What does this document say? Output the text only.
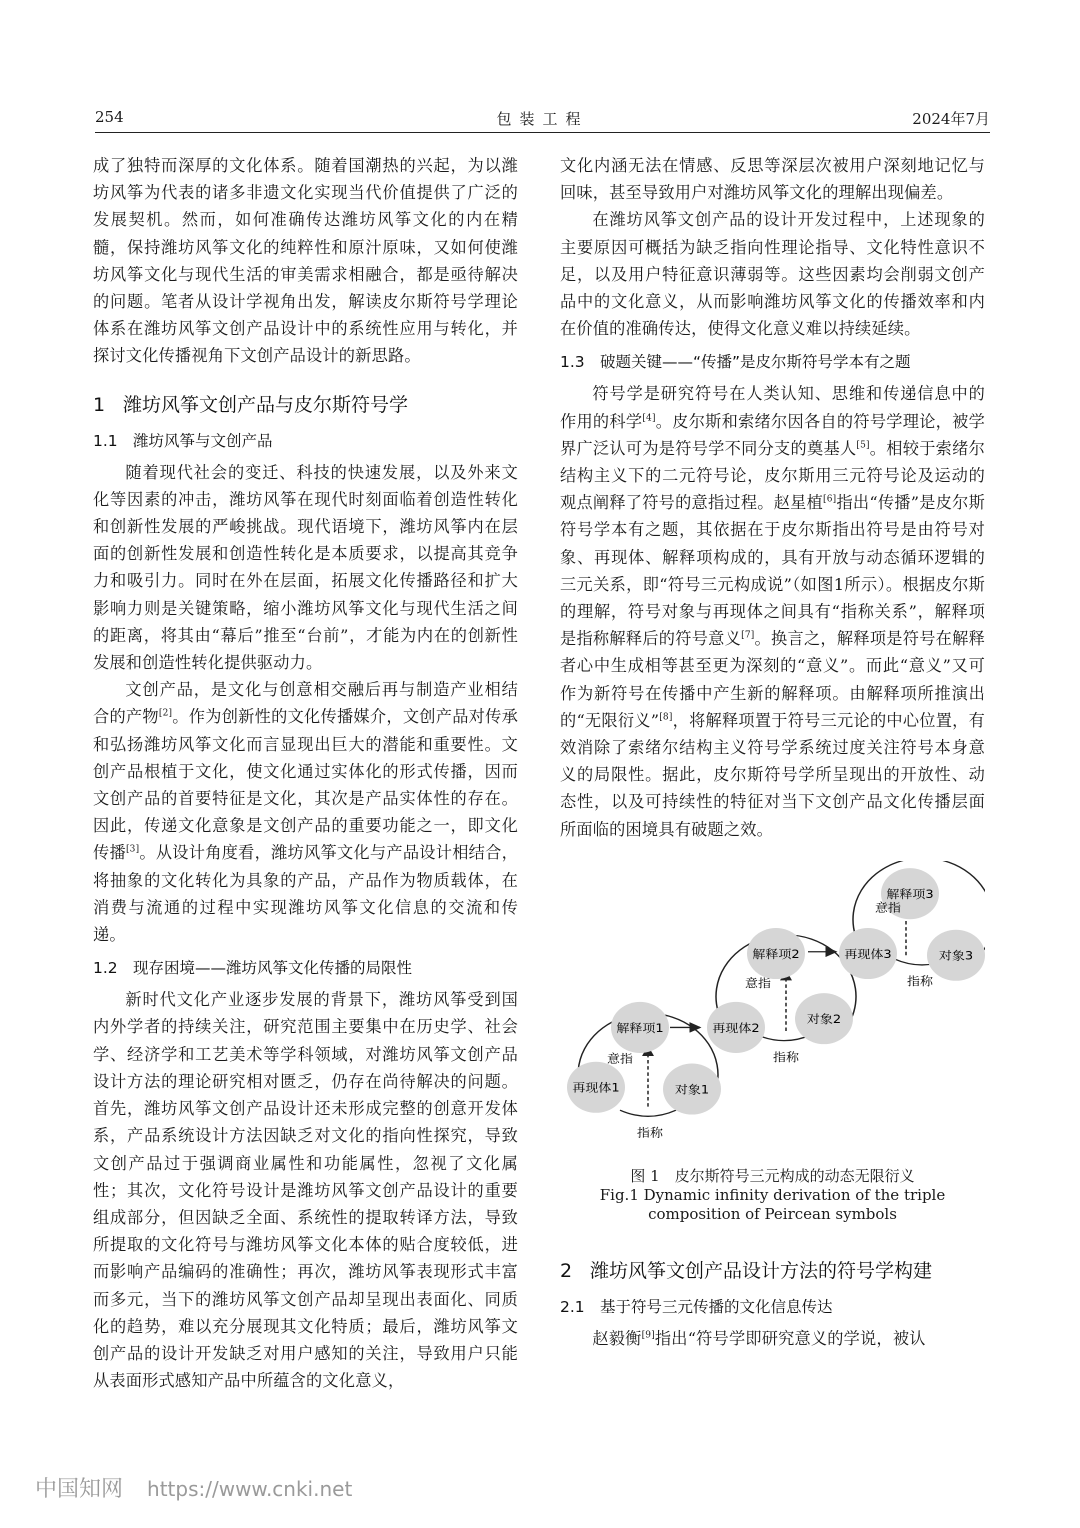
254	包装工程	2024年7月

成了独特而深厚的文化体系。随着国潮热的兴起，为以潍坊风筝为代表的诸多非遗文化实现当代价值提供了广泛的发展契机。然而，如何准确传达潍坊风筝文化的内在精髓，保持潍坊风筝文化的纯粹性和原汁原味，又如何使潍坊风筝文化与现代生活的审美需求相融合，都是亟待解决的问题。笔者从设计学视角出发，解读皮尔斯符号学理论体系在潍坊风筝文创产品设计中的系统性应用与转化，并探讨文化传播视角下文创产品设计的新思路。

1 潍坊风筝文创产品与皮尔斯符号学
1.1 潍坊风筝与文创产品

随着现代社会的变迁、科技的快速发展，以及外来文化等因素的冲击，潍坊风筝在现代时刻面临着创造性转化和创新性发展的严峻挑战。现代语境下，潍坊风筝内在层面的创新性发展和创造性转化是本质要求，以提高其竞争力和吸引力。同时在外在层面，拓展文化传播路径和扩大影响力则是关键策略，缩小潍坊风筝文化与现代生活之间的距离，将其由“幕后”推至“台前”，才能为内在的创新性发展和创造性转化提供驱动力。

文创产品，是文化与创意相交融后再与制造产业相结合的产物[2]。作为创新性的文化传播媒介，文创产品对传承和弘扬潍坊风筝文化而言显现出巨大的潜能和重要性。文创产品根植于文化，使文化通过实体化的形式传播，因而文创产品的首要特征是文化，其次是产品实体性的存在。因此，传递文化意象是文创产品的重要功能之一，即文化传播[3]。从设计角度看，潍坊风筝文化与产品设计相结合，将抽象的文化转化为具象的产品，产品作为物质载体，在消费与流通的过程中实现潍坊风筝文化信息的交流和传递。

1.2 现存困境——潍坊风筝文化传播的局限性

新时代文化产业逐步发展的背景下，潍坊风筝受到国内外学者的持续关注，研究范围主要集中在历史学、社会学、经济学和工艺美术等学科领域，对潍坊风筝文创产品设计方法的理论研究相对匮乏，仍存在尚待解决的问题。首先，潍坊风筝文创产品设计还未形成完整的创意开发体系，产品系统设计方法因缺乏对文化的指向性探究，导致文创产品过于强调商业属性和功能属性，忽视了文化属性；其次，文化符号设计是潍坊风筝文创产品设计的重要组成部分，但因缺乏全面、系统性的提取转译方法，导致所提取的文化符号与潍坊风筝文化本体的贴合度较低，进而影响产品编码的准确性；再次，潍坊风筝表现形式丰富而多元，当下的潍坊风筝文创产品却呈现出表面化、同质化的趋势，难以充分展现其文化特质；最后，潍坊风筝文创产品的设计开发缺乏对用户感知的关注，导致用户只能从表面形式感知产品中所蕴含的文化意义，

文化内涵无法在情感、反思等深层次被用户深刻地记忆与回味，甚至导致用户对潍坊风筝文化的理解出现偏差。

在潍坊风筝文创产品的设计开发过程中，上述现象的主要原因可概括为缺乏指向性理论指导、文化特性意识不足，以及用户特征意识薄弱等。这些因素均会削弱文创产品中的文化意义，从而影响潍坊风筝文化的传播效率和内在价值的准确传达，使得文化意义难以持续延续。

1.3 破题关键——“传播”是皮尔斯符号学本有之题

符号学是研究符号在人类认知、思维和传递信息中的作用的科学[4]。皮尔斯和索绪尔因各自的符号学理论，被学界广泛认可为是符号学不同分支的奠基人[5]。相较于索绪尔结构主义下的二元符号论，皮尔斯用三元符号论及运动的观点阐释了符号的意指过程。赵星植[6]指出“传播”是皮尔斯符号学本有之题，其依据在于皮尔斯指出符号是由符号对象、再现体、解释项构成的，具有开放与动态循环逻辑的三元关系，即“符号三元构成说”（如图1所示）。根据皮尔斯的理解，符号对象与再现体之间具有“指称关系”，解释项是指称解释后的符号意义[7]。换言之，解释项是符号在解释者心中生成相等甚至更为深刻的“意义”。而此“意义”又可作为新符号在传播中产生新的解释项。由解释项所推演出的“无限衍义”[8]，将解释项置于符号三元论的中心位置，有效消除了索绪尔结构主义符号学系统过度关注符号本身意义的局限性。据此，皮尔斯符号学所呈现出的开放性、动态性，以及可持续性的特征对当下文创产品文化传播层面所面临的困境具有破题之效。

解释项1
再现体1	对象1
再现体2
解释项2
对象2
再现体3
解释项3
对象3
意指
指称
意指
指称
意指
指称
图 1　皮尔斯符号三元构成的动态无限衍义
Fig.1 Dynamic infinity derivation of the triple
composition of Peircean symbols
2 潍坊风筝文创产品设计方法的符号学构建
2.1 基于符号三元传播的文化信息传达

赵毅衡[9]指出“符号学即研究意义的学说，被认

中国知网 https://www.cnki.net
